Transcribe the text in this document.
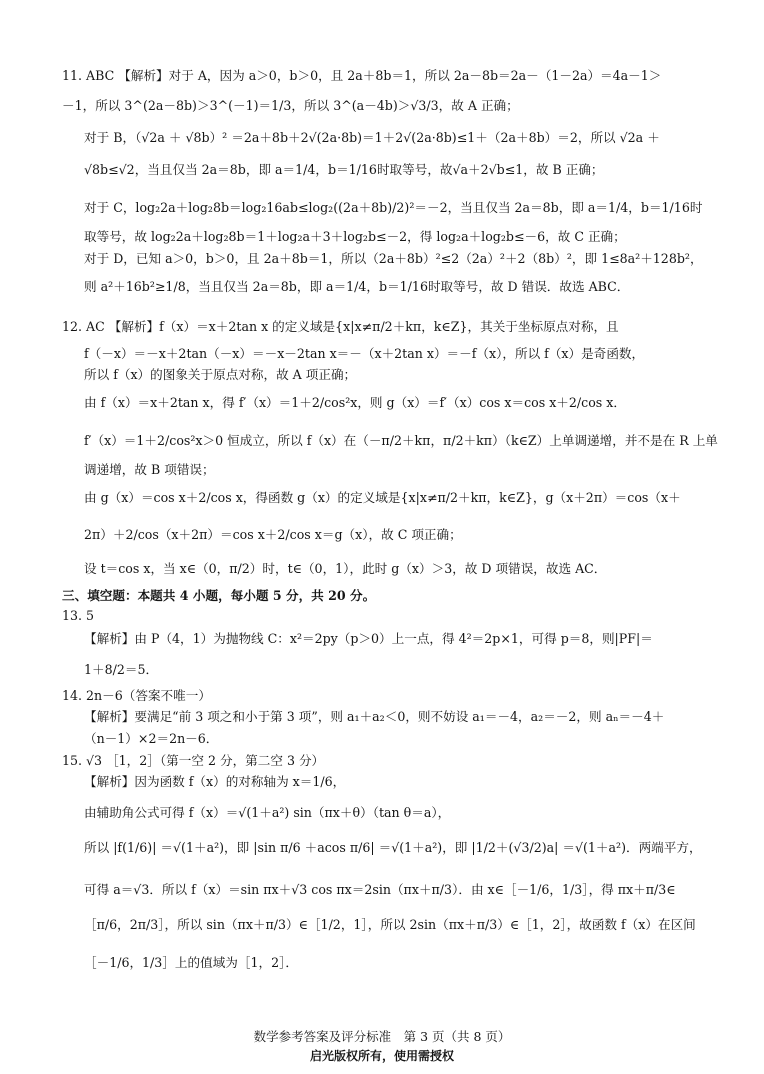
11. ABC 【解析】对于 A，因为 a＞0，b＞0，且 2a＋8b＝1，所以 2a－8b＝2a－（1－2a）＝4a－1＞
－1，所以 3^(2a－8b)＞3^(－1)＝1/3，所以 3^(a－4b)＞√3/3，故 A 正确；
对于 B，（√2a ＋ √8b）² ＝2a＋8b＋2√(2a·8b)＝1＋2√(2a·8b)≤1＋（2a＋8b）＝2，所以 √2a ＋
√8b≤√2，当且仅当 2a＝8b，即 a＝1/4，b＝1/16时取等号，故√a＋2√b≤1，故 B 正确；
对于 C，log₂2a＋log₂8b＝log₂16ab≤log₂((2a＋8b)/2)²＝－2，当且仅当 2a＝8b，即 a＝1/4，b＝1/16时
取等号，故 log₂2a＋log₂8b＝1＋log₂a＋3＋log₂b≤－2，得 log₂a＋log₂b≤－6，故 C 正确；
对于 D，已知 a＞0，b＞0，且 2a＋8b＝1，所以（2a＋8b）²≤2（2a）²＋2（8b）²，即 1≤8a²＋128b²，
则 a²＋16b²≥1/8，当且仅当 2a＝8b，即 a＝1/4，b＝1/16时取等号，故 D 错误．故选 ABC．
12. AC 【解析】f（x）＝x＋2tan x 的定义域是{x|x≠π/2＋kπ，k∈Z}，其关于坐标原点对称，且
f（－x）＝－x＋2tan（－x）＝－x－2tan x＝－（x＋2tan x）＝－f（x），所以 f（x）是奇函数，
所以 f（x）的图象关于原点对称，故 A 项正确；
由 f（x）＝x＋2tan x，得 f′（x）＝1＋2/cos²x，则 g（x）＝f′（x）cos x＝cos x＋2/cos x．
f′（x）＝1＋2/cos²x＞0 恒成立，所以 f（x）在（－π/2＋kπ，π/2＋kπ）（k∈Z）上单调递增，并不是在 R 上单
调递增，故 B 项错误；
由 g（x）＝cos x＋2/cos x，得函数 g（x）的定义域是{x|x≠π/2＋kπ，k∈Z}，g（x＋2π）＝cos（x＋
2π）＋2/cos（x＋2π）＝cos x＋2/cos x＝g（x），故 C 项正确；
设 t＝cos x，当 x∈（0，π/2）时，t∈（0，1），此时 g（x）＞3，故 D 项错误，故选 AC．
三、填空题：本题共 4 小题，每小题 5 分，共 20 分。
13. 5
【解析】由 P（4，1）为抛物线 C：x²＝2py（p＞0）上一点，得 4²＝2p×1，可得 p＝8，则|PF|＝
1＋8/2＝5．
14. 2n－6（答案不唯一）
【解析】要满足“前 3 项之和小于第 3 项”，则 a₁＋a₂＜0，则不妨设 a₁＝－4，a₂＝－2，则 aₙ＝－4＋
（n－1）×2＝2n－6．
15. √3 ［1，2］（第一空 2 分，第二空 3 分）
【解析】因为函数 f（x）的对称轴为 x＝1/6，
由辅助角公式可得 f（x）＝√(1＋a²) sin（πx＋θ）（tan θ＝a），
所以 |f(1/6)| ＝√(1＋a²)，即 |sin π/6 ＋acos π/6| ＝√(1＋a²)，即 |1/2＋(√3/2)a| ＝√(1＋a²)．两端平方，
可得 a＝√3．所以 f（x）＝sin πx＋√3 cos πx＝2sin（πx＋π/3）．由 x∈［－1/6，1/3］，得 πx＋π/3∈
［π/6，2π/3］，所以 sin（πx＋π/3）∈［1/2，1］，所以 2sin（πx＋π/3）∈［1，2］，故函数 f（x）在区间
［－1/6，1/3］上的值域为［1，2］．
数学参考答案及评分标准　第 3 页（共 8 页）
启光版权所有，使用需授权
